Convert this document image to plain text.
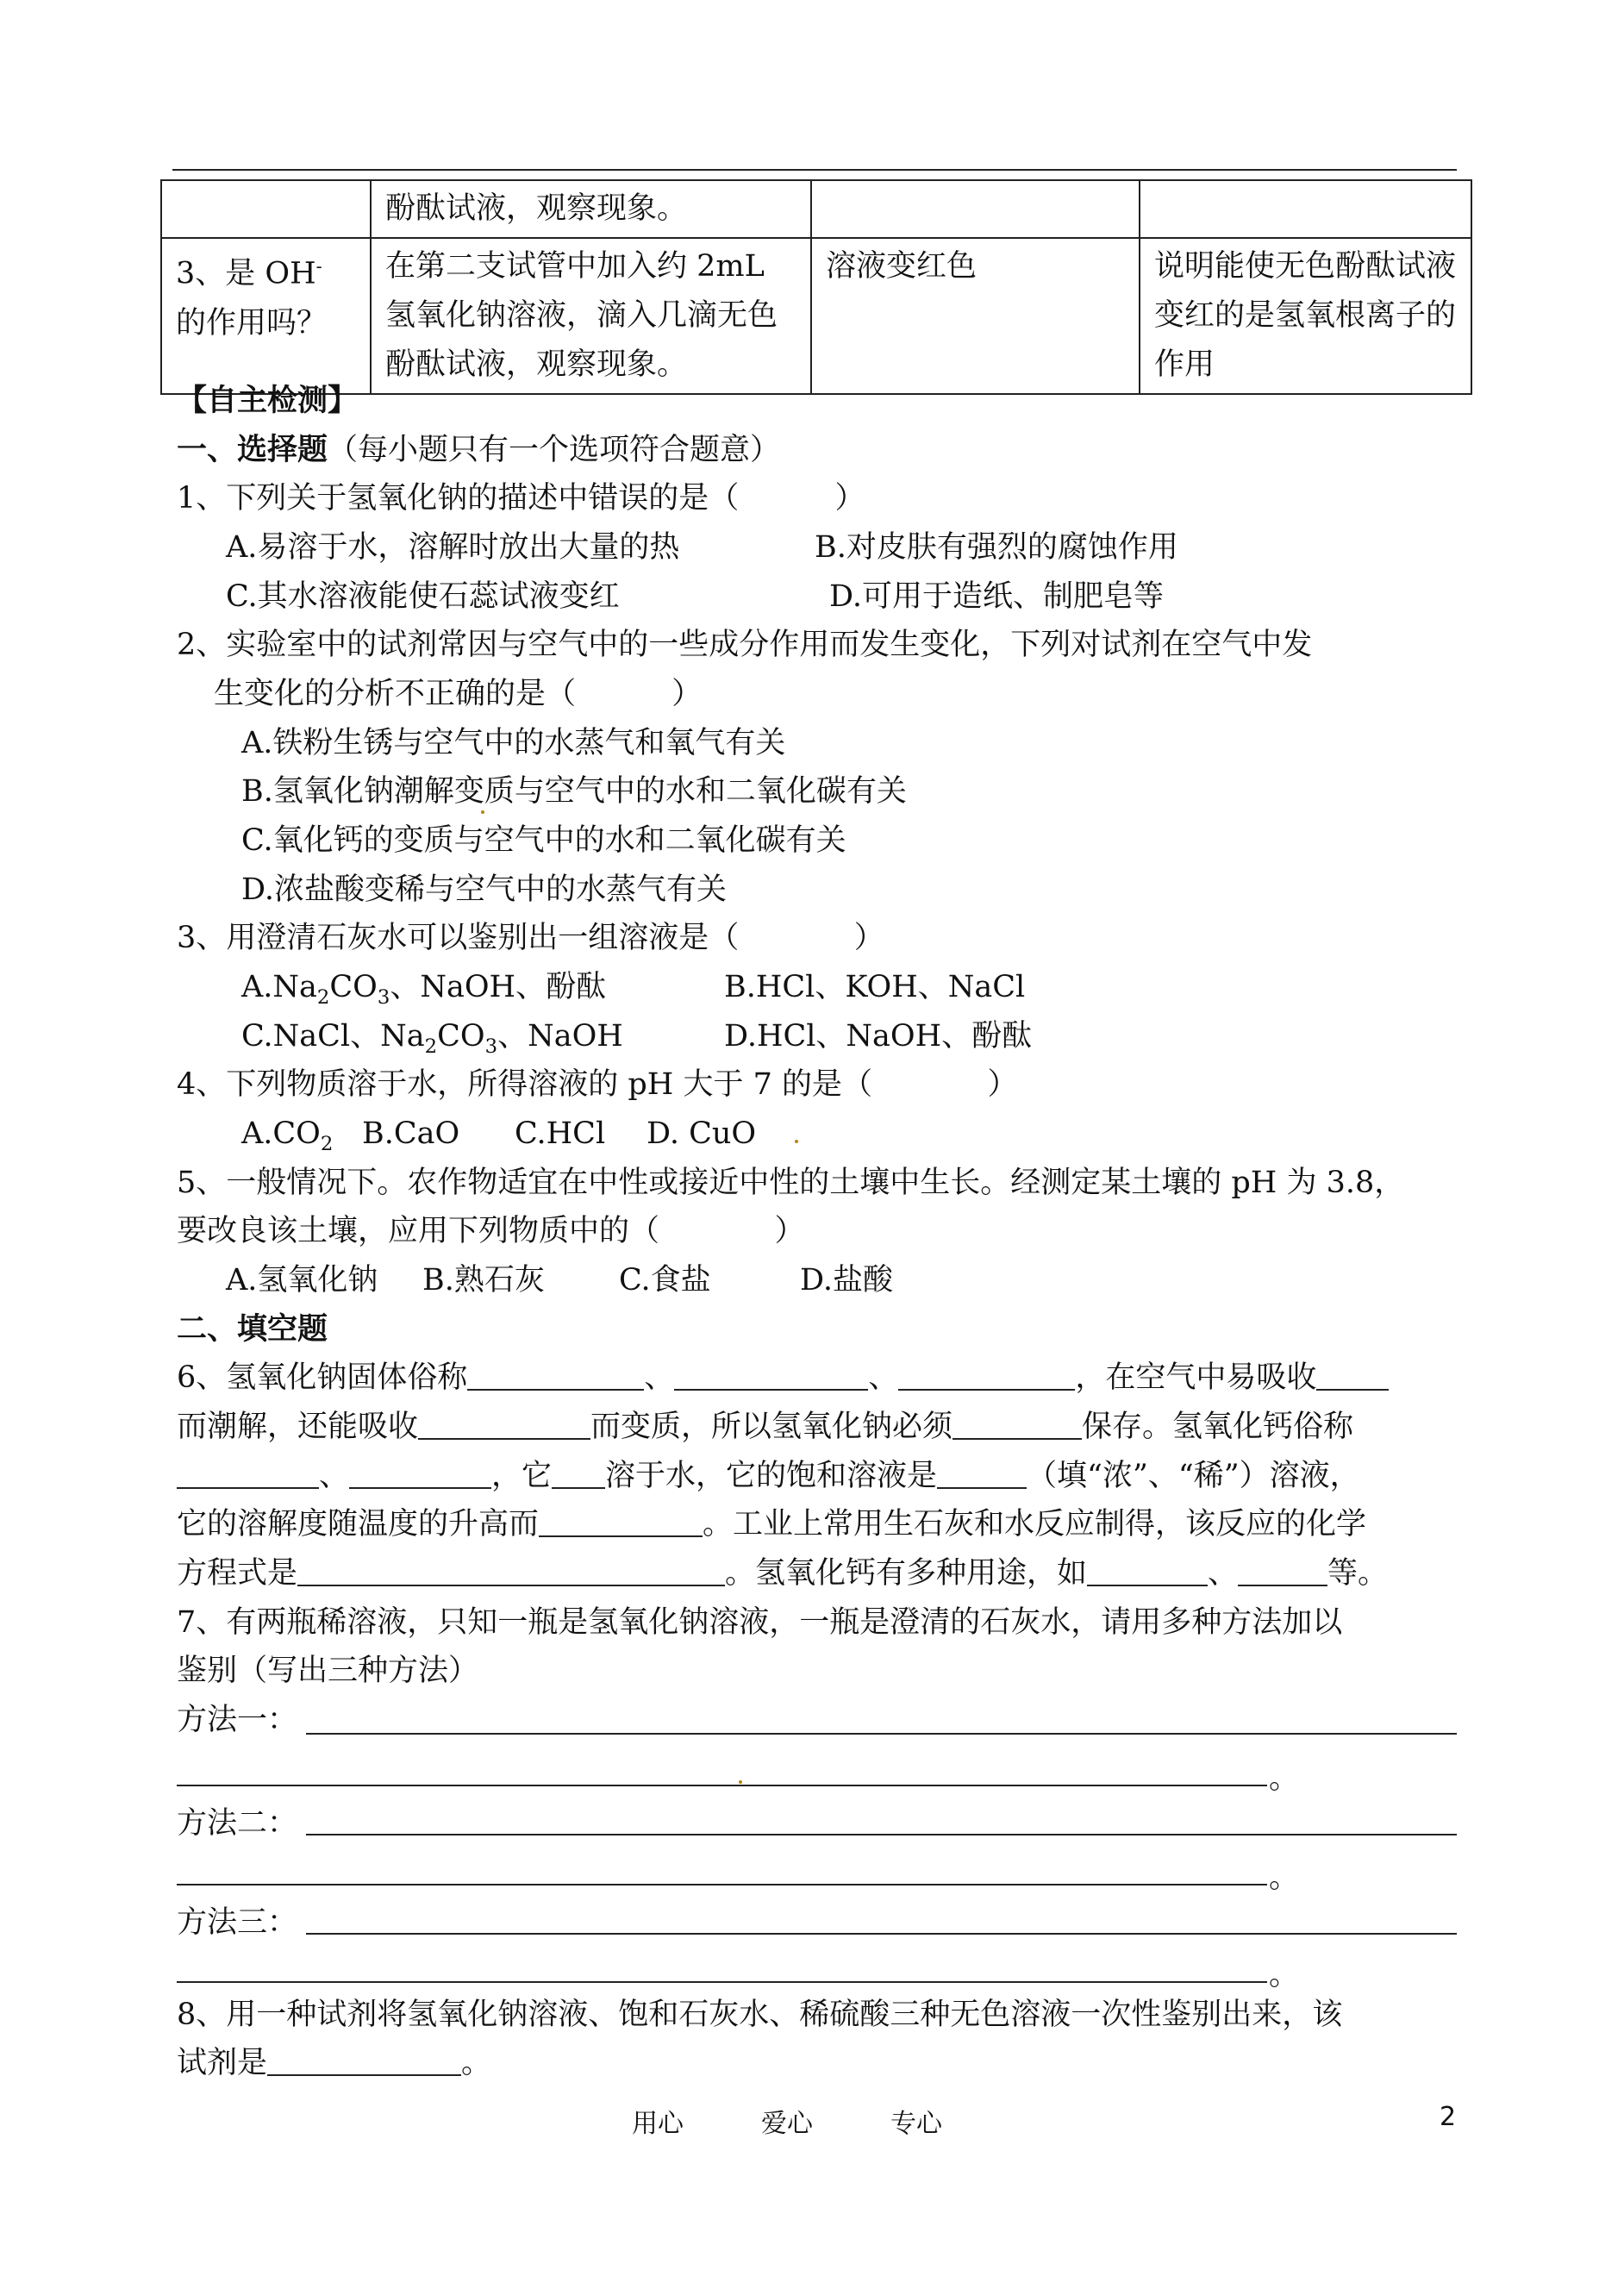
	酚酞试液，观察现象。		
3、是 OH- 的作用吗？	在第二支试管中加入约 2mL 氢氧化钠溶液，滴入几滴无色酚酞试液，观察现象。	溶液变红色	说明能使无色酚酞试液变红的是氢氧根离子的作用
【自主检测】
一、选择题（每小题只有一个选项符合题意）
1、下列关于氢氧化钠的描述中错误的是（          ）
A.易溶于水，溶解时放出大量的热	B.对皮肤有强烈的腐蚀作用
C.其水溶液能使石蕊试液变红	D.可用于造纸、制肥皂等
2、实验室中的试剂常因与空气中的一些成分作用而发生变化，下列对试剂在空气中发
生变化的分析不正确的是（          ）
A.铁粉生锈与空气中的水蒸气和氧气有关
B.氢氧化钠潮解变质与空气中的水和二氧化碳有关
C.氧化钙的变质与空气中的水和二氧化碳有关
D.浓盐酸变稀与空气中的水蒸气有关
3、用澄清石灰水可以鉴别出一组溶液是（            ）
$A.Na_2CO_3$、NaOH、酚酞	B.HCl、KOH、NaCl
C.NaCl、$Na_2CO_3$、NaOH	D.HCl、NaOH、酚酞
4、下列物质溶于水，所得溶液的 pH 大于 7 的是（            ）
$A.CO_2$ B.CaO C.HCl D. CuO
5、一般情况下。农作物适宜在中性或接近中性的土壤中生长。经测定某土壤的 pH 为 3.8，
要改良该土壤，应用下列物质中的（            ）
A.氢氧化钠 B.熟石灰 C.食盐	D.盐酸
二、填空题
6、氢氧化钠固体俗称	、	、	，在空气中易吸收
而潮解，还能吸收	而变质，所以氢氧化钠必须	保存。氢氧化钙俗称
、	，它 溶于水，它的饱和溶液是	（填“浓”、“稀”）溶液，
它的溶解度随温度的升高而	。工业上常用生石灰和水反应制得，该反应的化学
方程式是	。氢氧化钙有多种用途，如	、	等。
7、有两瓶稀溶液，只知一瓶是氢氧化钠溶液，一瓶是澄清的石灰水，请用多种方法加以
鉴别（写出三种方法）
方法一：
。
方法二：
。
方法三：
。
8、用一种试剂将氢氧化钠溶液、饱和石灰水、稀硫酸三种无色溶液一次性鉴别出来，该
试剂是	。
用心	爱心	专心	2
